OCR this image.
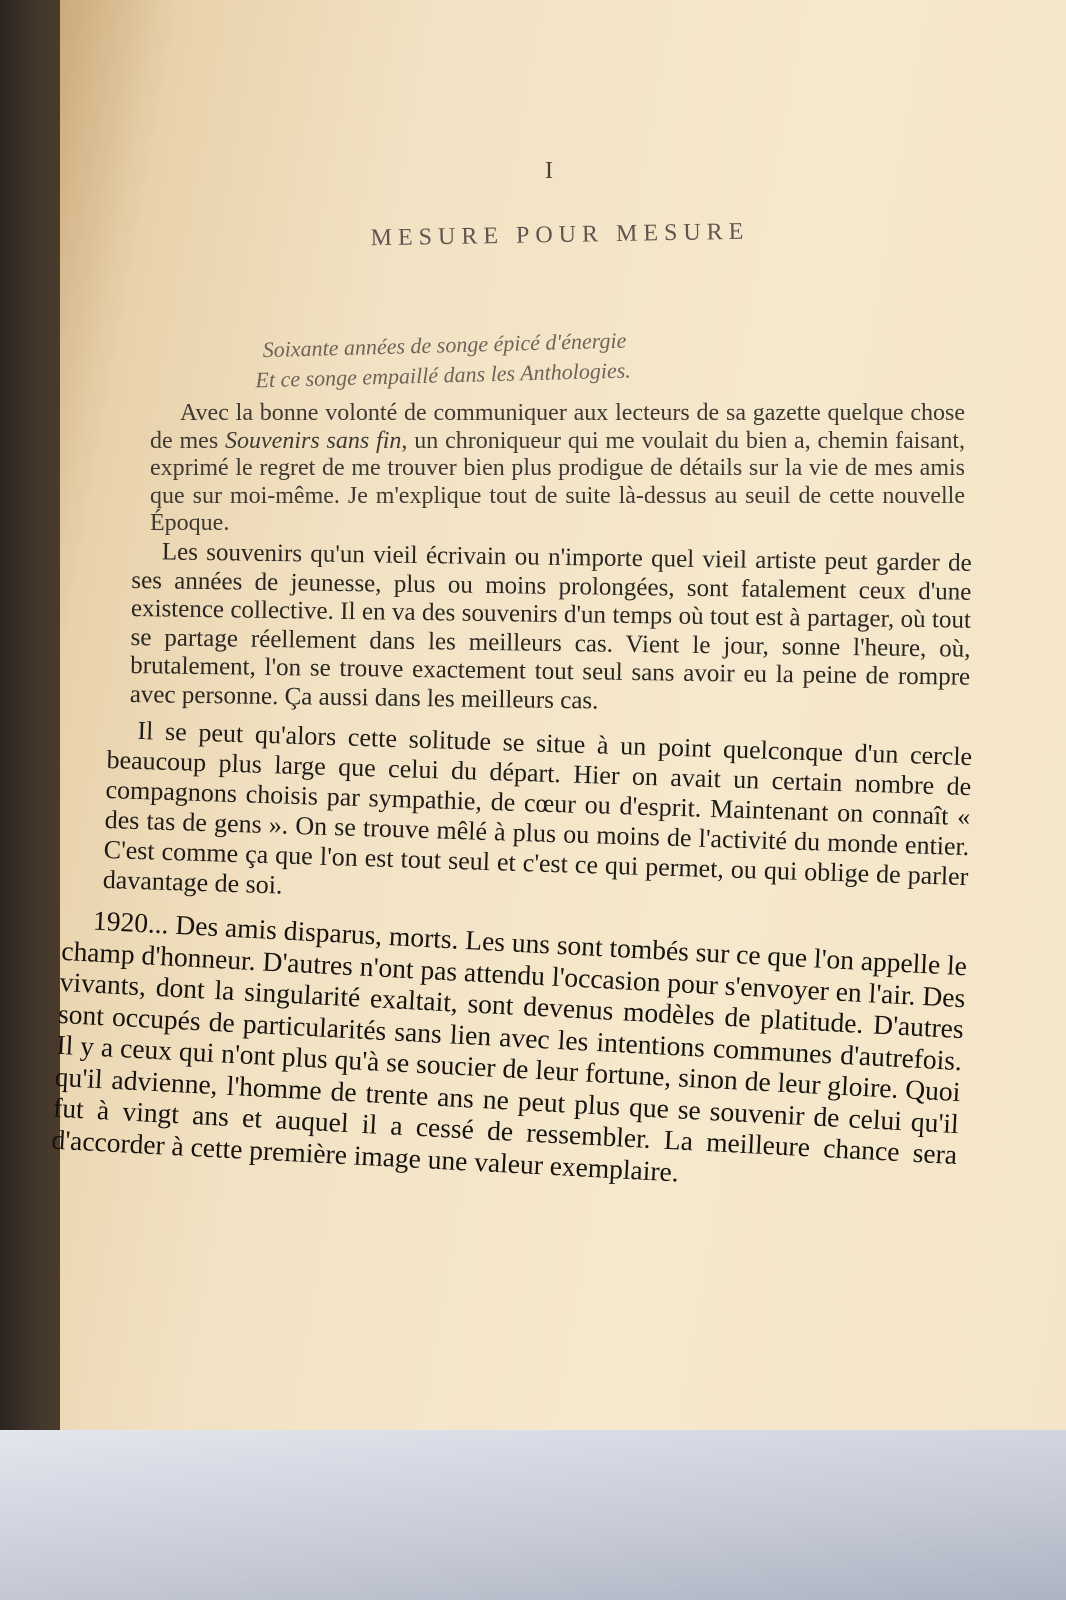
I
MESURE POUR MESURE
Soixante années de songe épicé d'énergie
Et ce songe empaillé dans les Anthologies.

Avec la bonne volonté de communiquer aux lecteurs de sa gazette quelque chose de mes Souvenirs sans fin, un chroniqueur qui me voulait du bien a, chemin faisant, exprimé le regret de me trouver bien plus prodigue de détails sur la vie de mes amis que sur moi-même. Je m'explique tout de suite là-dessus au seuil de cette nouvelle Époque.

Les souvenirs qu'un vieil écrivain ou n'importe quel vieil artiste peut garder de ses années de jeunesse, plus ou moins prolongées, sont fatalement ceux d'une existence collective. Il en va des souvenirs d'un temps où tout est à partager, où tout se partage réellement dans les meilleurs cas. Vient le jour, sonne l'heure, où, brutalement, l'on se trouve exactement tout seul sans avoir eu la peine de rompre avec personne. Ça aussi dans les meilleurs cas.

Il se peut qu'alors cette solitude se situe à un point quelconque d'un cercle beaucoup plus large que celui du départ. Hier on avait un certain nombre de compagnons choisis par sympathie, de cœur ou d'esprit. Maintenant on connaît « des tas de gens ». On se trouve mêlé à plus ou moins de l'activité du monde entier. C'est comme ça que l'on est tout seul et c'est ce qui permet, ou qui oblige de parler davantage de soi.

1920... Des amis disparus, morts. Les uns sont tombés sur ce que l'on appelle le champ d'honneur. D'autres n'ont pas attendu l'occasion pour s'envoyer en l'air. Des vivants, dont la singularité exaltait, sont devenus modèles de platitude. D'autres sont occupés de particularités sans lien avec les intentions communes d'autrefois. Il y a ceux qui n'ont plus qu'à se soucier de leur fortune, sinon de leur gloire. Quoi qu'il advienne, l'homme de trente ans ne peut plus que se souvenir de celui qu'il fut à vingt ans et auquel il a cessé de ressembler. La meilleure chance sera d'accorder à cette première image une valeur exemplaire.
